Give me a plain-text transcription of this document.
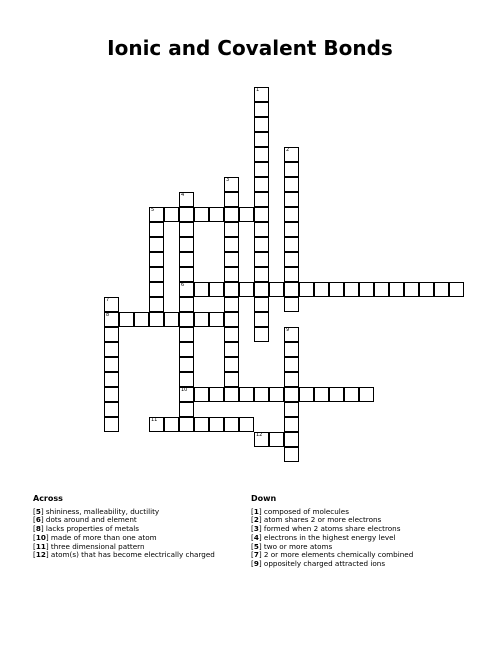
Ionic and Covalent Bonds
1
2
3
4
6
10
5
7
8
9
11
12
Across
[5] shininess, malleability, ductility
[6] dots around and element
[8] lacks properties of metals
[10] made of more than one atom
[11] three dimensional pattern
[12] atom(s) that has become electrically charged
Down
[1] composed of molecules
[2] atom shares 2 or more electrons
[3] formed when 2 atoms share electrons
[4] electrons in the highest energy level
[5] two or more atoms
[7] 2 or more elements chemically combined
[9] oppositely charged attracted ions
